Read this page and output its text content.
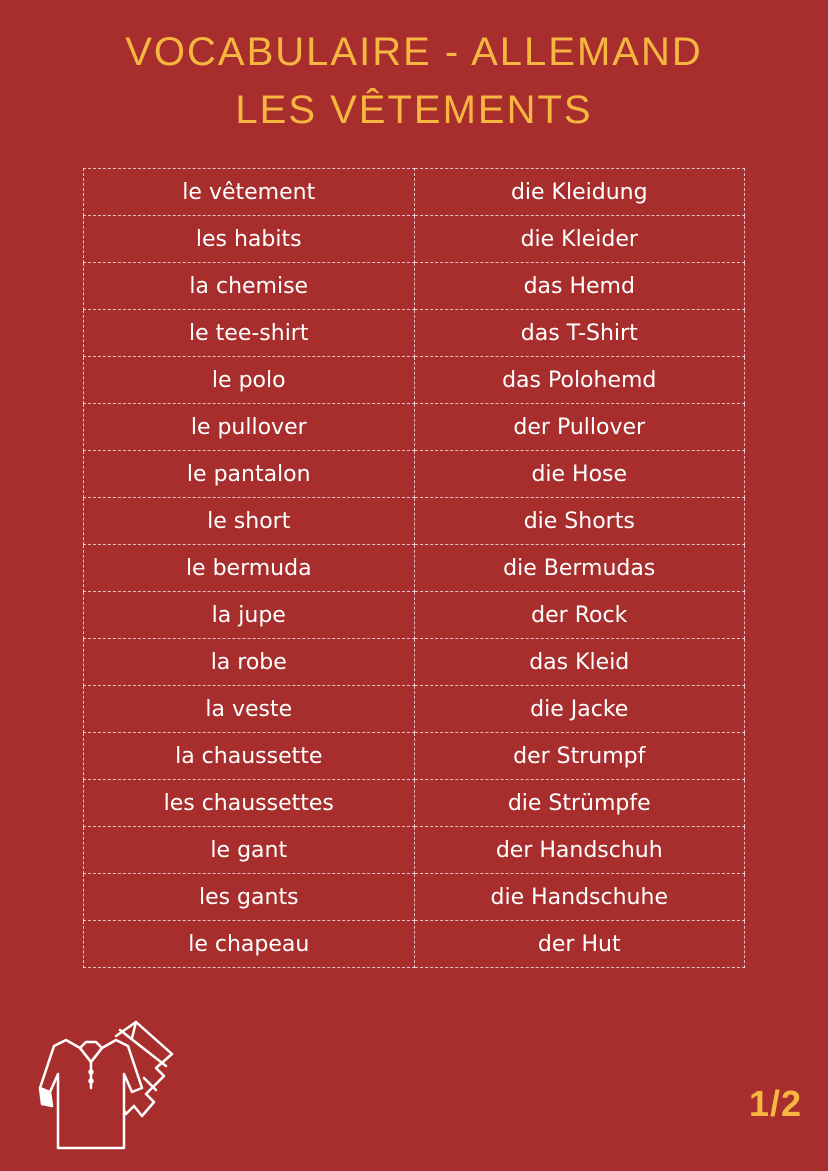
VOCABULAIRE - ALLEMAND
LES VÊTEMENTS
le vêtement	die Kleidung
les habits	die Kleider
la chemise	das Hemd
le tee-shirt	das T-Shirt
le polo	das Polohemd
le pullover	der Pullover
le pantalon	die Hose
le short	die Shorts
le bermuda	die Bermudas
la jupe	der Rock
la robe	das Kleid
la veste	die Jacke
la chaussette	der Strumpf
les chaussettes	die Strümpfe
le gant	der Handschuh
les gants	die Handschuhe
le chapeau	der Hut
1/2
